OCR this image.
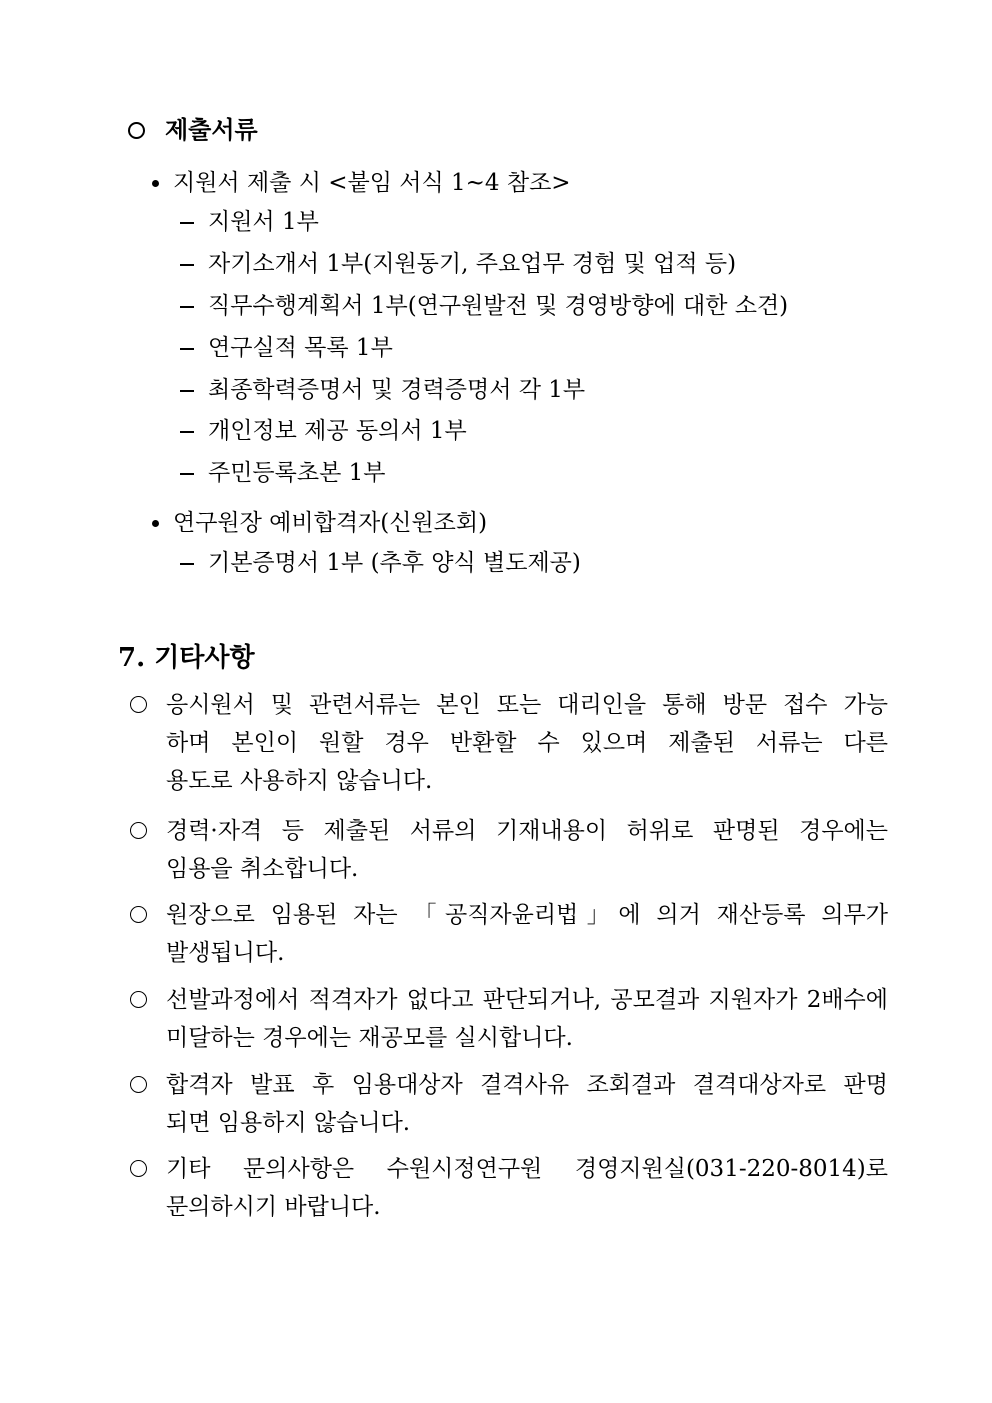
제출서류
지원서 제출 시 <붙임 서식 1~4 참조>
지원서 1부
자기소개서 1부(지원동기, 주요업무 경험 및 업적 등)
직무수행계획서 1부(연구원발전 및 경영방향에 대한 소견)
연구실적 목록 1부
최종학력증명서 및 경력증명서 각 1부
개인정보 제공 동의서 1부
주민등록초본 1부
연구원장 예비합격자(신원조회)
기본증명서 1부 (추후 양식 별도제공)
7. 기타사항
응시원서 및 관련서류는 본인 또는 대리인을 통해 방문 접수 가능
하며 본인이 원할 경우 반환할 수 있으며 제출된 서류는 다른
용도로 사용하지 않습니다.
경력·자격 등 제출된 서류의 기재내용이 허위로 판명된 경우에는
임용을 취소합니다.
원장으로 임용된 자는 「공직자윤리법」에 의거 재산등록 의무가
발생됩니다.
선발과정에서 적격자가 없다고 판단되거나, 공모결과 지원자가 2배수에
미달하는 경우에는 재공모를 실시합니다.
합격자 발표 후 임용대상자 결격사유 조회결과 결격대상자로 판명
되면 임용하지 않습니다.
기타 문의사항은 수원시정연구원 경영지원실(031-220-8014)로
문의하시기 바랍니다.
